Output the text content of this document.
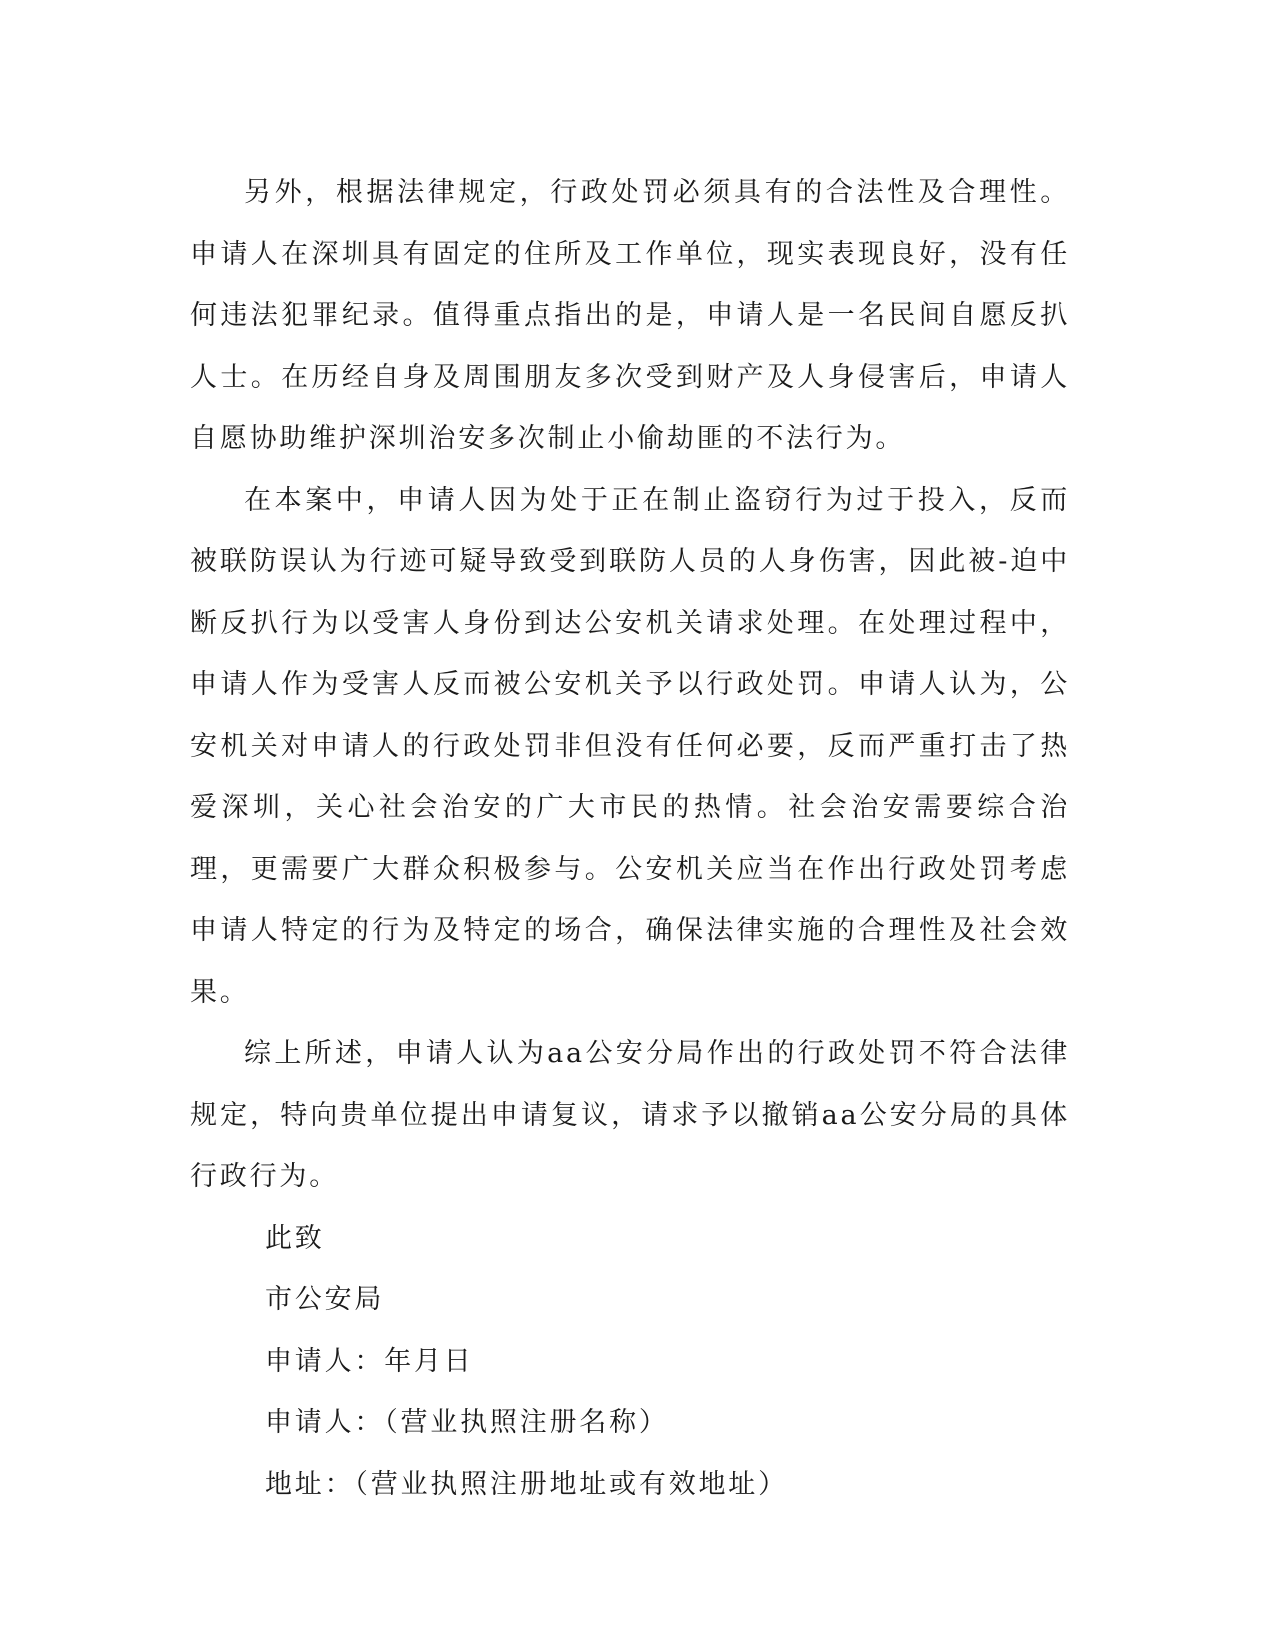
另外，根据法律规定，行政处罚必须具有的合法性及合理性。申请人在深圳具有固定的住所及工作单位，现实表现良好，没有任何违法犯罪纪录。值得重点指出的是，申请人是一名民间自愿反扒人士。在历经自身及周围朋友多次受到财产及人身侵害后，申请人自愿协助维护深圳治安多次制止小偷劫匪的不法行为。

在本案中，申请人因为处于正在制止盗窃行为过于投入，反而被联防误认为行迹可疑导致受到联防人员的人身伤害，因此被-迫中断反扒行为以受害人身份到达公安机关请求处理。在处理过程中，申请人作为受害人反而被公安机关予以行政处罚。申请人认为，公安机关对申请人的行政处罚非但没有任何必要，反而严重打击了热爱深圳，关心社会治安的广大市民的热情。社会治安需要综合治理，更需要广大群众积极参与。公安机关应当在作出行政处罚考虑申请人特定的行为及特定的场合，确保法律实施的合理性及社会效果。

综上所述，申请人认为aa公安分局作出的行政处罚不符合法律规定，特向贵单位提出申请复议，请求予以撤销aa公安分局的具体行政行为。

此致

市公安局

申请人：年月日

申请人：（营业执照注册名称）

地址：（营业执照注册地址或有效地址）
